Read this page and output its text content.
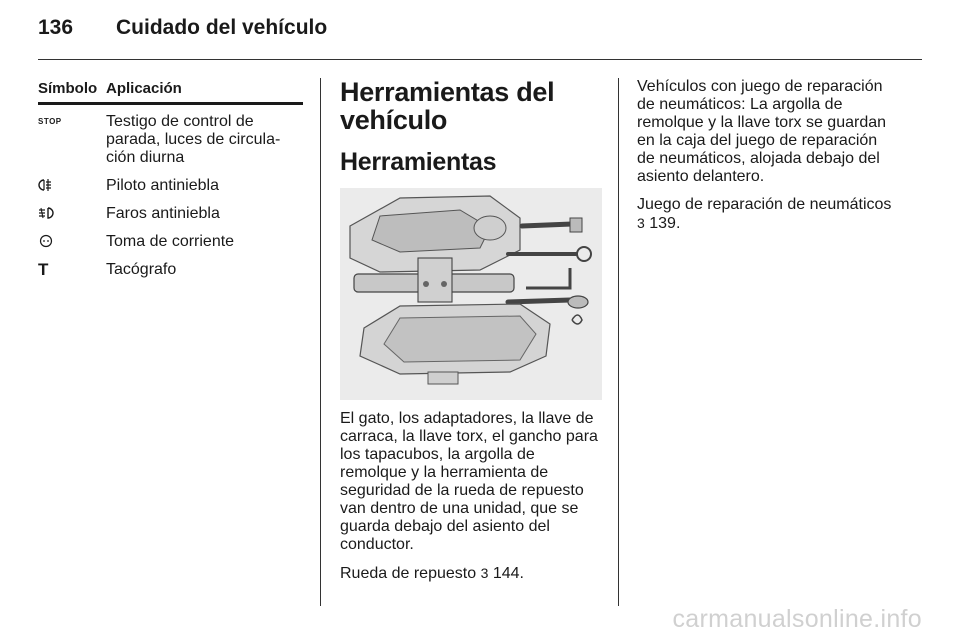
136 Cuidado del vehículo
Símbolo Aplicación
STOP	Testigo de control de parada, luces de circula-ción diurna
Piloto antiniebla
Faros antiniebla
Toma de corriente
T	Tacógrafo
Herramientas del vehículo
Herramientas
El gato, los adaptadores, la llave de carraca, la llave torx, el gancho para los tapacubos, la argolla de remolque y la herramienta de seguridad de la rueda de repuesto van dentro de una unidad, que se guarda debajo del asiento del conductor.
Rueda de repuesto 3 144.
Vehículos con juego de reparación de neumáticos: La argolla de remolque y la llave torx se guardan en la caja del juego de reparación de neumáticos, alojada debajo del asiento delantero.
Juego de reparación de neumáticos
3 139.
carmanualsonline.info
